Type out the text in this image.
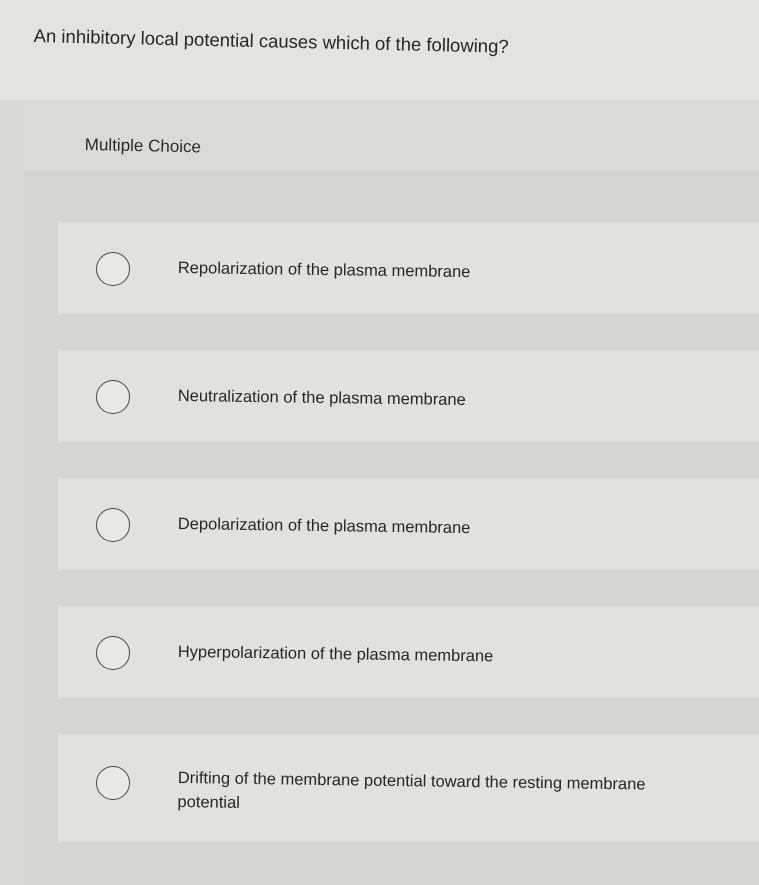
An inhibitory local potential causes which of the following?
Multiple Choice
Repolarization of the plasma membrane
Neutralization of the plasma membrane
Depolarization of the plasma membrane
Hyperpolarization of the plasma membrane
Drifting of the membrane potential toward the resting membrane potential
